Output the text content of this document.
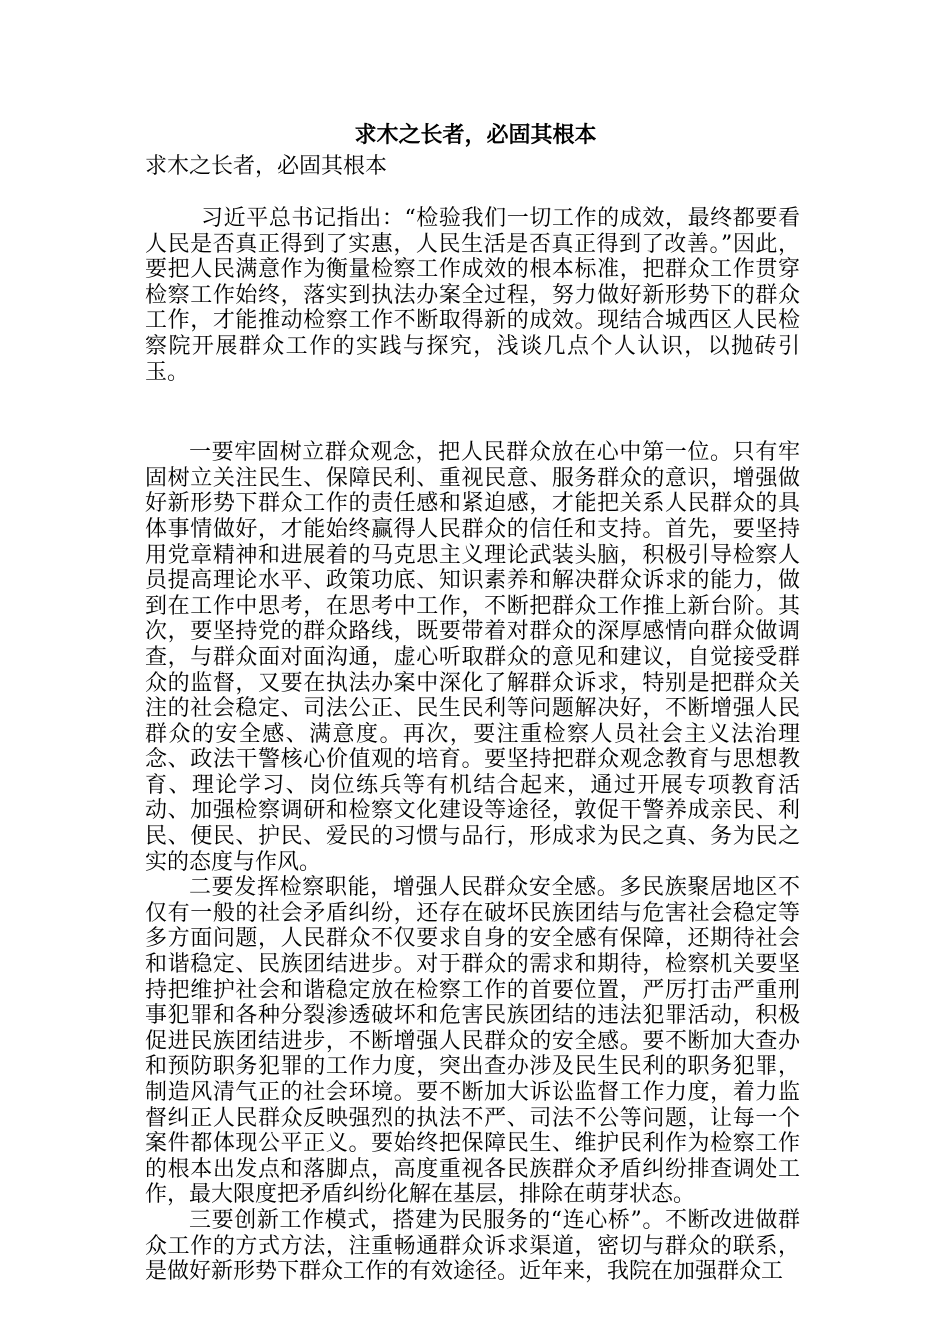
求木之长者，必固其根本

求木之长者，必固其根本

习近平总书记指出：“检验我们一切工作的成效，最终都要看人民是否真正得到了实惠，人民生活是否真正得到了改善。”因此，要把人民满意作为衡量检察工作成效的根本标准，把群众工作贯穿检察工作始终，落实到执法办案全过程，努力做好新形势下的群众工作，才能推动检察工作不断取得新的成效。现结合城西区人民检察院开展群众工作的实践与探究，浅谈几点个人认识，以抛砖引玉。

一要牢固树立群众观念，把人民群众放在心中第一位。只有牢固树立关注民生、保障民利、重视民意、服务群众的意识，增强做好新形势下群众工作的责任感和紧迫感，才能把关系人民群众的具体事情做好，才能始终赢得人民群众的信任和支持。首先，要坚持用党章精神和进展着的马克思主义理论武装头脑，积极引导检察人员提高理论水平、政策功底、知识素养和解决群众诉求的能力，做到在工作中思考，在思考中工作，不断把群众工作推上新台阶。其次，要坚持党的群众路线，既要带着对群众的深厚感情向群众做调查，与群众面对面沟通，虚心听取群众的意见和建议，自觉接受群众的监督，又要在执法办案中深化了解群众诉求，特别是把群众关注的社会稳定、司法公正、民生民利等问题解决好，不断增强人民群众的安全感、满意度。再次，要注重检察人员社会主义法治理念、政法干警核心价值观的培育。要坚持把群众观念教育与思想教育、理论学习、岗位练兵等有机结合起来，通过开展专项教育活动、加强检察调研和检察文化建设等途径，敦促干警养成亲民、利民、便民、护民、爱民的习惯与品行，形成求为民之真、务为民之实的态度与作风。

二要发挥检察职能，增强人民群众安全感。多民族聚居地区不仅有一般的社会矛盾纠纷，还存在破坏民族团结与危害社会稳定等多方面问题，人民群众不仅要求自身的安全感有保障，还期待社会和谐稳定、民族团结进步。对于群众的需求和期待，检察机关要坚持把维护社会和谐稳定放在检察工作的首要位置，严厉打击严重刑事犯罪和各种分裂渗透破坏和危害民族团结的违法犯罪活动，积极促进民族团结进步，不断增强人民群众的安全感。要不断加大查办和预防职务犯罪的工作力度，突出查办涉及民生民利的职务犯罪，制造风清气正的社会环境。要不断加大诉讼监督工作力度，着力监督纠正人民群众反映强烈的执法不严、司法不公等问题，让每一个案件都体现公平正义。要始终把保障民生、维护民利作为检察工作的根本出发点和落脚点，高度重视各民族群众矛盾纠纷排查调处工作，最大限度把矛盾纠纷化解在基层，排除在萌芽状态。

三要创新工作模式，搭建为民服务的“连心桥”。不断改进做群众工作的方式方法，注重畅通群众诉求渠道，密切与群众的联系，是做好新形势下群众工作的有效途径。近年来，我院在加强群众工
